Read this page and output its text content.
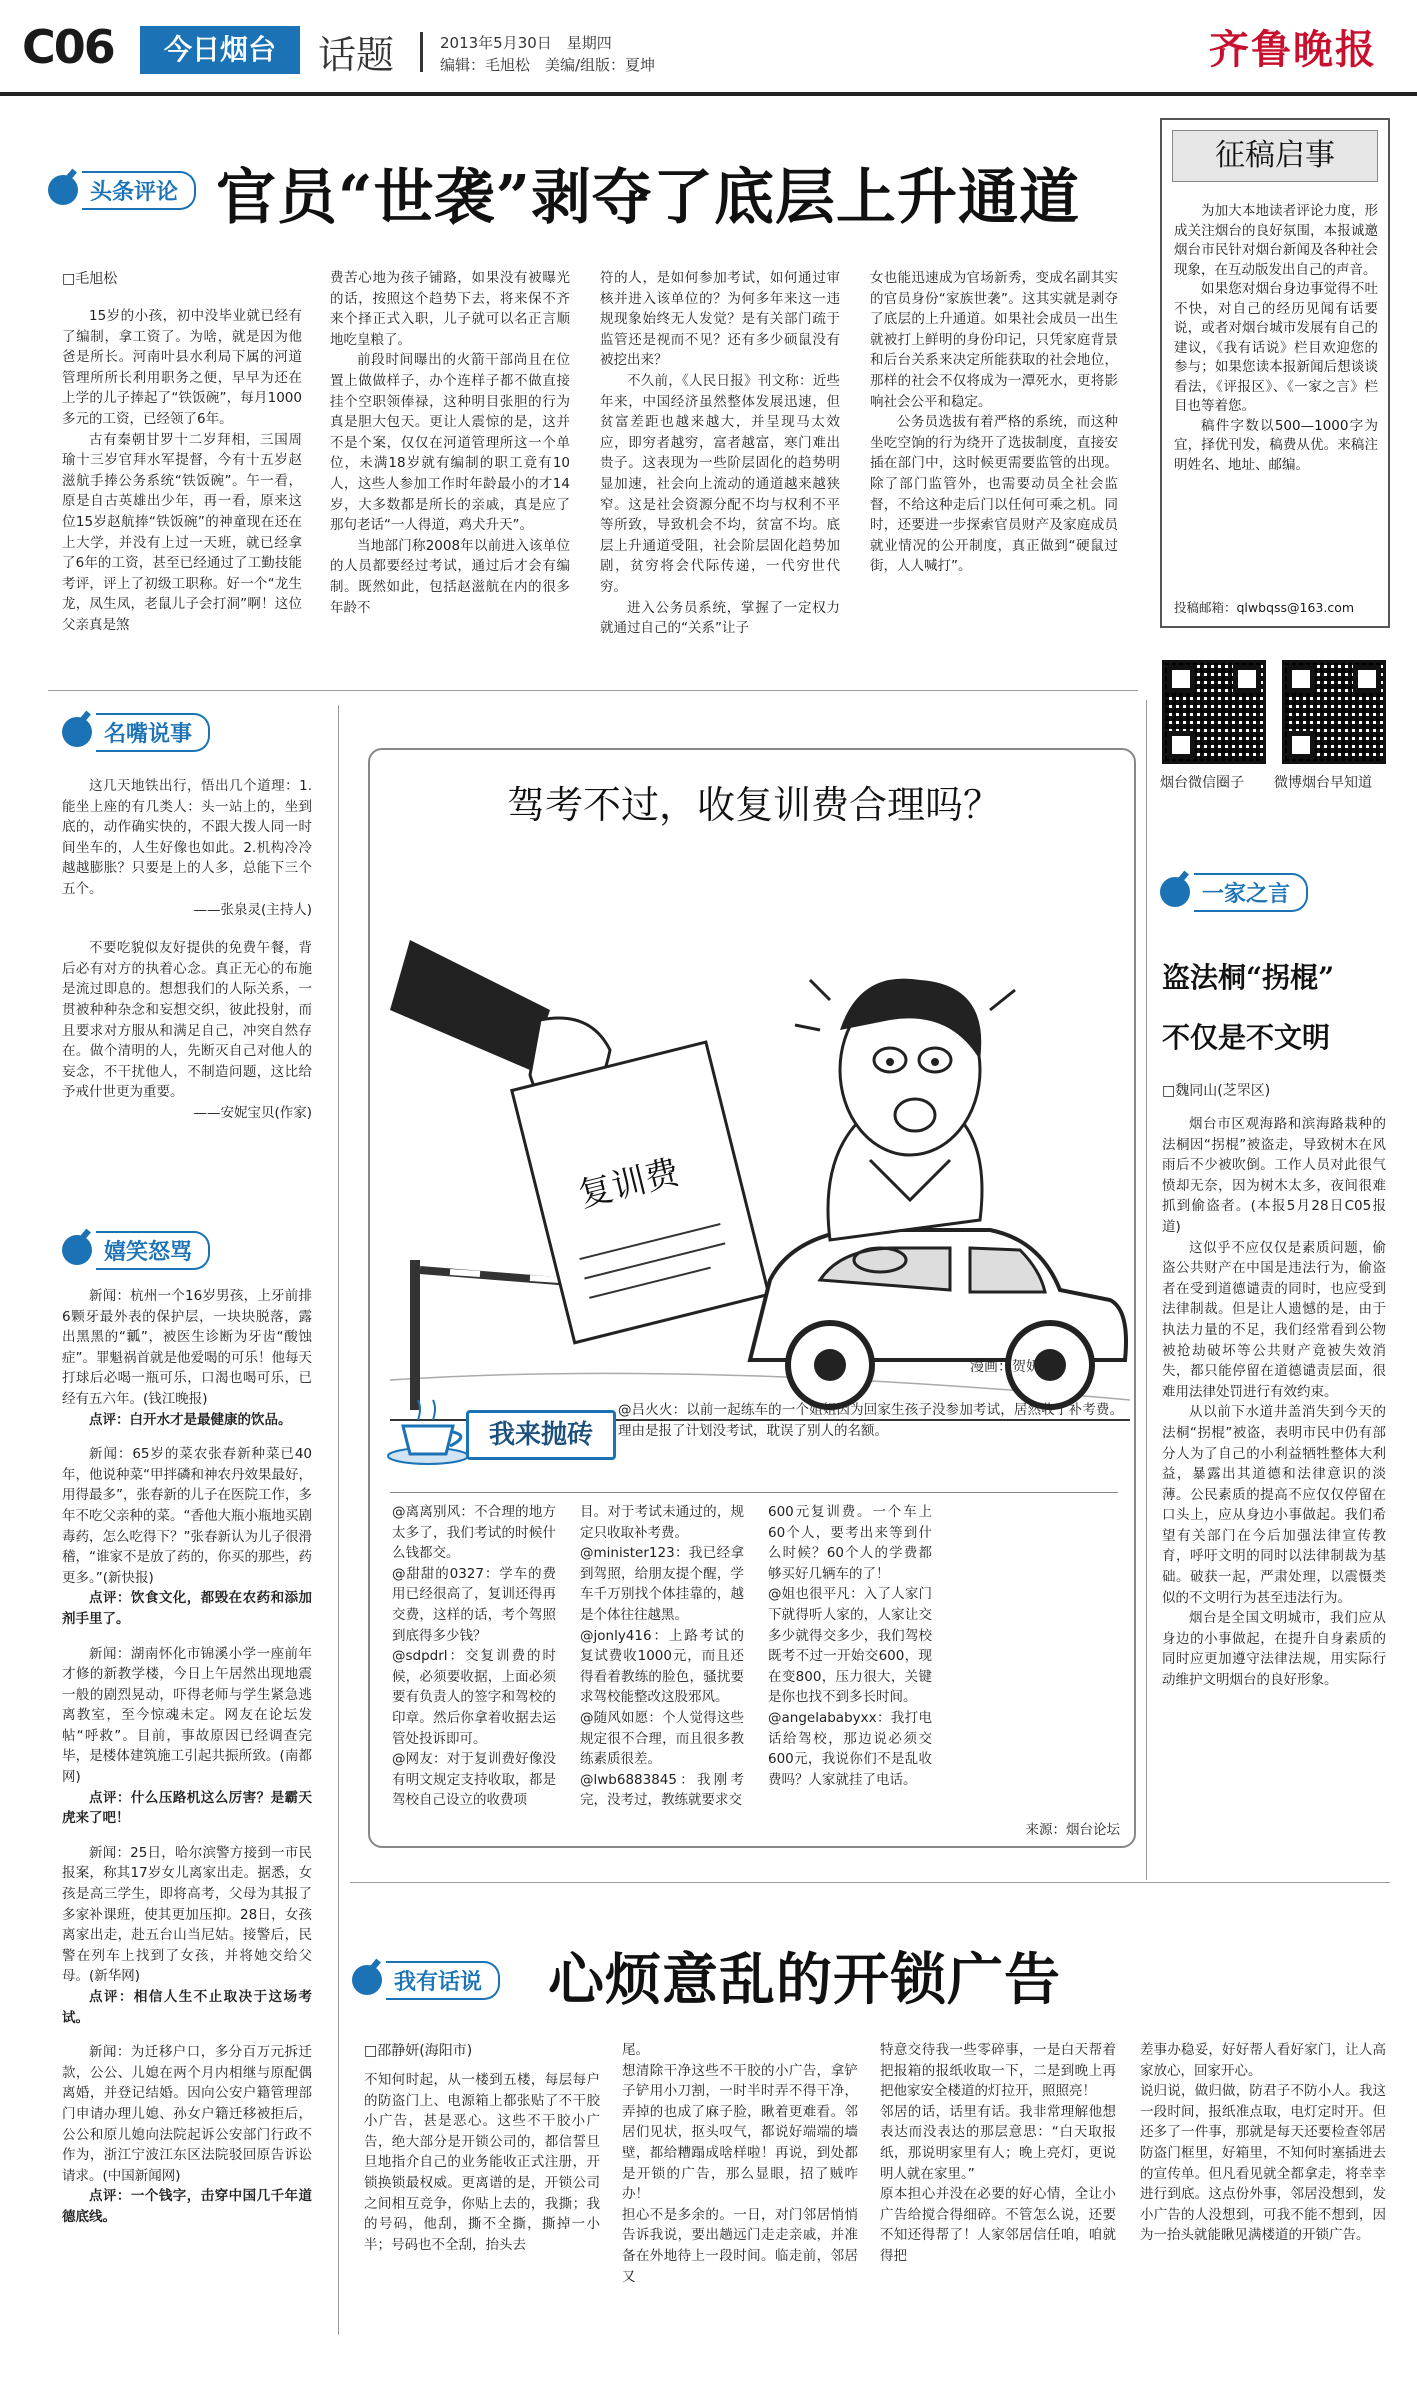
C06	今日烟台	话题	2013年5月30日　星期四
编辑：毛旭松　美编/组版：夏坤	齐鲁晚报
头条评论 官员“世袭”剥夺了底层上升通道
□毛旭松

15岁的小孩，初中没毕业就已经有了编制，拿工资了。为啥，就是因为他爸是所长。河南叶县水利局下属的河道管理所所长利用职务之便，早早为还在上学的儿子捧起了“铁饭碗”，每月1000多元的工资，已经领了6年。

古有秦朝甘罗十二岁拜相，三国周瑜十三岁官拜水军提督，今有十五岁赵滋航手捧公务系统“铁饭碗”。午一看，原是自古英雄出少年，再一看，原来这位15岁赵航捧“铁饭碗”的神童现在还在上大学，并没有上过一天班，就已经拿了6年的工资，甚至已经通过了工勤技能考评，评上了初级工职称。好一个“龙生龙，凤生凤，老鼠儿子会打洞”啊！这位父亲真是煞

费苦心地为孩子铺路，如果没有被曝光的话，按照这个趋势下去，将来保不齐来个择正式入职，儿子就可以名正言顺地吃皇粮了。

前段时间曝出的火箭干部尚且在位置上做做样子，办个连样子都不做直接挂个空职领俸禄，这种明目张胆的行为真是胆大包天。更让人震惊的是，这并不是个案，仅仅在河道管理所这一个单位，未满18岁就有编制的职工竟有10人，这些人参加工作时年龄最小的才14岁，大多数都是所长的亲戚，真是应了那句老话“一人得道，鸡犬升天”。

当地部门称2008年以前进入该单位的人员都要经过考试，通过后才会有编制。既然如此，包括赵滋航在内的很多年龄不

符的人，是如何参加考试，如何通过审核并进入该单位的？为何多年来这一违规现象始终无人发觉？是有关部门疏于监管还是视而不见？还有多少硕鼠没有被挖出来？

不久前，《人民日报》刊文称：近些年来，中国经济虽然整体发展迅速，但贫富差距也越来越大，并呈现马太效应，即穷者越穷，富者越富，寒门难出贵子。这表现为一些阶层固化的趋势明显加速，社会向上流动的通道越来越狭窄。这是社会资源分配不均与权利不平等所致，导致机会不均，贫富不均。底层上升通道受阻，社会阶层固化趋势加剧，贫穷将会代际传递，一代穷世代穷。

进入公务员系统，掌握了一定权力就通过自己的“关系”让子

女也能迅速成为官场新秀，变成名副其实的官员身份“家族世袭”。这其实就是剥夺了底层的上升通道。如果社会成员一出生就被打上鲜明的身份印记，只凭家庭背景和后台关系来决定所能获取的社会地位，那样的社会不仅将成为一潭死水，更将影响社会公平和稳定。

公务员选拔有着严格的系统，而这种坐吃空饷的行为绕开了选拔制度，直接安插在部门中，这时候更需要监管的出现。除了部门监管外，也需要动员全社会监督，不给这种走后门以任何可乘之机。同时，还要进一步探索官员财产及家庭成员就业情况的公开制度，真正做到“硬鼠过街，人人喊打”。

征稿启事

为加大本地读者评论力度，形成关注烟台的良好氛围，本报诚邀烟台市民针对烟台新闻及各种社会现象，在互动版发出自己的声音。

如果您对烟台身边事觉得不吐不快，对自己的经历见闻有话要说，或者对烟台城市发展有自己的建议，《我有话说》栏目欢迎您的参与；如果您读本报新闻后想谈谈看法，《评报区》、《一家之言》栏目也等着您。

稿件字数以500—1000字为宜，择优刊发，稿费从优。来稿注明姓名、地址、邮编。

投稿邮箱：qlwbqss@163.com
烟台微信圈子 微博烟台早知道
名嘴说事

这几天地铁出行，悟出几个道理：1.能坐上座的有几类人：头一站上的，坐到底的，动作确实快的，不跟大拨人同一时间坐车的，人生好像也如此。2.机构冷冷越越膨胀？只要是上的人多，总能下三个五个。

——张泉灵(主持人)

不要吃貌似友好提供的免费午餐，背后必有对方的执着心念。真正无心的布施是流过即息的。想想我们的人际关系，一贯被种种杂念和妄想交织，彼此投射，而且要求对方服从和满足自己，冲突自然存在。做个清明的人，先断灭自己对他人的妄念，不干扰他人，不制造问题，这比给予戒什世更为重要。

——安妮宝贝(作家)

嬉笑怒骂

新闻：杭州一个16岁男孩，上牙前排6颗牙最外表的保护层，一块块脱落，露出黑黑的“瓤”，被医生诊断为牙齿“酸蚀症”。罪魁祸首就是他爱喝的可乐！他每天打球后必喝一瓶可乐，口渴也喝可乐，已经有五六年。(钱江晚报)

点评：白开水才是最健康的饮品。

新闻：65岁的菜农张春新种菜已40年，他说种菜“甲拌磷和神农丹效果最好，用得最多”，张春新的儿子在医院工作，多年不吃父亲种的菜。“香他大瓶小瓶地买剧毒药，怎么吃得下？”张春新认为儿子很滑稽，“谁家不是放了药的，你买的那些，药更多。”(新快报)

点评：饮食文化，都毁在农药和添加剂手里了。

新闻：湖南怀化市锦溪小学一座前年才修的新教学楼，今日上午居然出现地震一般的剧烈晃动，吓得老师与学生紧急逃离教室，至今惊魂未定。网友在论坛发帖“呼救”。目前，事故原因已经调查完毕，是楼体建筑施工引起共振所致。(南都网)

点评：什么压路机这么厉害？是霸天虎来了吧！

新闻：25日，哈尔滨警方接到一市民报案，称其17岁女儿离家出走。据悉，女孩是高三学生，即将高考，父母为其报了多家补课班，使其更加压抑。28日，女孩离家出走，赴五台山当尼姑。接警后，民警在列车上找到了女孩，并将她交给父母。(新华网)

点评：相信人生不止取决于这场考试。

新闻：为迁移户口，多分百万元拆迁款，公公、儿媳在两个月内相继与原配偶离婚，并登记结婚。因向公安户籍管理部门申请办理儿媳、孙女户籍迁移被拒后，公公和原儿媳向法院起诉公安部门行政不作为，浙江宁波江东区法院驳回原告诉讼请求。(中国新闻网)

点评：一个钱字，击穿中国几千年道德底线。

驾考不过，收复训费合理吗？
复训费
漫画：贺妍妍
我来抛砖
@吕火火：以前一起练车的一个姐姐因为回家生孩子没参加考试，居然收了补考费。理由是报了计划没考试，耽误了别人的名额。
@离离别风：不合理的地方太多了，我们考试的时候什么钱都交。
@甜甜的0327：学车的费用已经很高了，复训还得再交费，这样的话，考个驾照到底得多少钱？
@sdpdrl：交复训费的时候，必须要收据，上面必须要有负责人的签字和驾校的印章。然后你拿着收据去运管处投诉即可。
@网友：对于复训费好像没有明文规定支持收取，都是驾校自己设立的收费项
目。对于考试未通过的，规定只收取补考费。
@minister123：我已经拿到驾照，给朋友提个醒，学车千万别找个体挂靠的，越是个体往往越黑。
@jonly416：上路考试的复试费收1000元，而且还得看着教练的脸色，骚扰要求驾校能整改这股邪风。
@随风如愿：个人觉得这些规定很不合理，而且很多教练素质很差。
@lwb6883845：我刚考完，没考过，教练就要求交
600元复训费。一个车上60个人，要考出来等到什么时候？60个人的学费都够买好几辆车的了！
@姐也很平凡：入了人家门下就得听人家的，人家让交多少就得交多少，我们驾校既考不过一开始交600，现在变800，压力很大，关键是你也找不到多长时间。
@angelababyxx：我打电话给驾校，那边说必须交600元，我说你们不是乱收费吗？人家就挂了电话。
来源：烟台论坛
一家之言
盗法桐“拐棍”
不仅是不文明
□魏同山(芝罘区)

烟台市区观海路和滨海路栽种的法桐因“拐棍”被盗走，导致树木在风雨后不少被吹倒。工作人员对此很气愤却无奈，因为树木太多，夜间很难抓到偷盗者。(本报5月28日C05报道)

这似乎不应仅仅是素质问题，偷盗公共财产在中国是违法行为，偷盗者在受到道德谴责的同时，也应受到法律制裁。但是让人遗憾的是，由于执法力量的不足，我们经常看到公物被抢劫破坏等公共财产竟被失效消失，都只能停留在道德谴责层面，很难用法律处罚进行有效约束。

从以前下水道井盖消失到今天的法桐“拐棍”被盗，表明市民中仍有部分人为了自己的小利益牺牲整体大利益，暴露出其道德和法律意识的淡薄。公民素质的提高不应仅仅停留在口头上，应从身边小事做起。我们希望有关部门在今后加强法律宣传教育，呼吁文明的同时以法律制裁为基础。破获一起，严肃处理，以震慑类似的不文明行为甚至违法行为。

烟台是全国文明城市，我们应从身边的小事做起，在提升自身素质的同时应更加遵守法律法规，用实际行动维护文明烟台的良好形象。

我有话说	心烦意乱的开锁广告
□邵静妍(海阳市)
不知何时起，从一楼到五楼，每层每户的防盗门上、电源箱上都张贴了不干胶小广告，甚是恶心。这些不干胶小广告，绝大部分是开锁公司的，都信誓旦旦地指介自己的业务能收正式注册，开锁换锁最权威。更离谱的是，开锁公司之间相互竞争，你贴上去的，我撕；我的号码，他刮，撕不全撕，撕掉一小半；号码也不全刮，抬头去
尾。
想清除干净这些不干胶的小广告，拿铲子铲用小刀割，一时半时弄不得干净，弄掉的也成了麻子脸，瞅着更难看。邻居们见状，抠头叹气，都说好端端的墙壁，都给糟蹋成啥样啦！再说，到处都是开锁的广告，那么显眼，招了贼咋办！
担心不是多余的。一日，对门邻居悄悄告诉我说，要出趟远门走走亲戚，并准备在外地待上一段时间。临走前，邻居又
特意交待我一些零碎事，一是白天帮着把报箱的报纸收取一下，二是到晚上再把他家安全楼道的灯拉开，照照亮！
邻居的话，话里有话。我非常理解他想表达而没表达的那层意思：“白天取报纸，那说明家里有人；晚上亮灯，更说明人就在家里。”
原本担心并没在必要的好心情，全让小广告给搅合得细碎。不管怎么说，还要不知还得帮了！人家邻居信任咱，咱就得把
差事办稳妥，好好帮人看好家门，让人高家放心，回家开心。
说归说，做归做，防君子不防小人。我这一段时间，报纸准点取，电灯定时开。但还多了一件事，那就是每天还要检查邻居防盗门框里，好箱里，不知何时塞插进去的宣传单。但凡看见就全都拿走，将幸幸进行到底。这点份外事，邻居没想到，发小广告的人没想到，可我不能不想到，因为一抬头就能瞅见满楼道的开锁广告。
